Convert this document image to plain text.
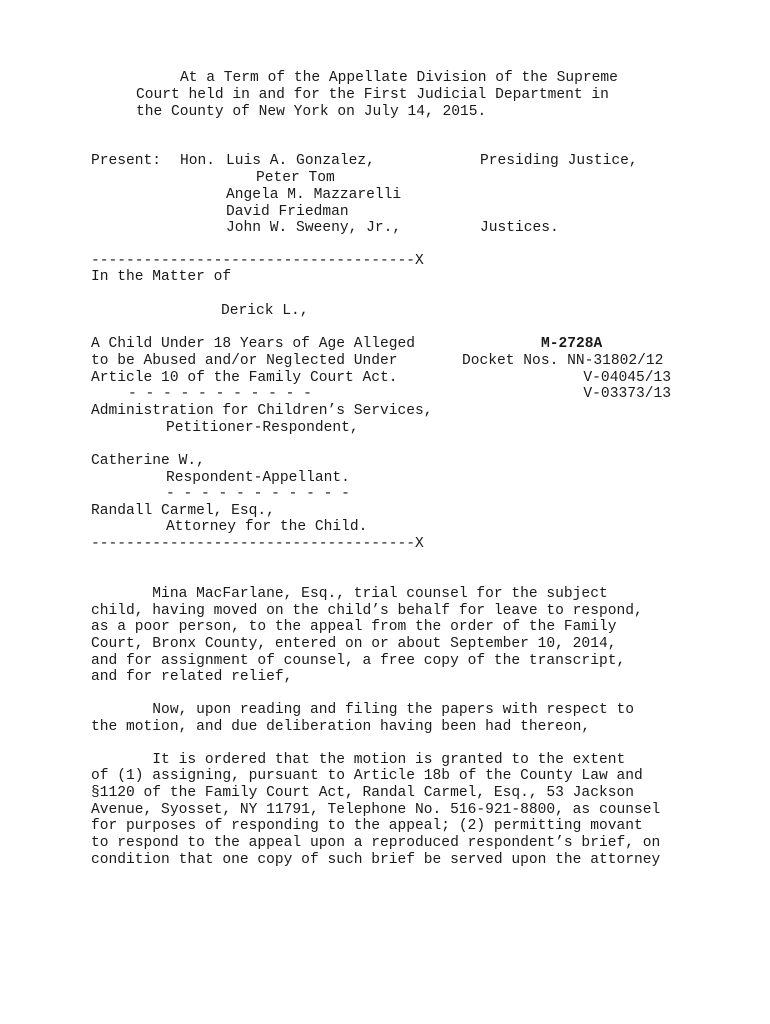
At a Term of the Appellate Division of the Supreme
Court held in and for the First Judicial Department in
the County of New York on July 14, 2015.
Present: Hon. Luis A. Gonzalez,	Presiding Justice,
Peter Tom
Angela M. Mazzarelli
David Friedman
John W. Sweeny, Jr.,	Justices.
-------------------------------------X
In the Matter of
Derick L.,
A Child Under 18 Years of Age Alleged
to be Abused and/or Neglected Under
Article 10 of the Family Court Act.
- - - - - - - - - - -
M-2728A
Docket Nos. NN-31802/12
V-04045/13
V-03373/13
Administration for Children’s Services,
Petitioner-Respondent,
Catherine W.,
Respondent-Appellant.
- - - - - - - - - - -
Randall Carmel, Esq.,
Attorney for the Child.
-------------------------------------X
Mina MacFarlane, Esq., trial counsel for the subject
child, having moved on the child’s behalf for leave to respond,
as a poor person, to the appeal from the order of the Family
Court, Bronx County, entered on or about September 10, 2014,
and for assignment of counsel, a free copy of the transcript,
and for related relief,
Now, upon reading and filing the papers with respect to
the motion, and due deliberation having been had thereon,
It is ordered that the motion is granted to the extent
of (1) assigning, pursuant to Article 18b of the County Law and
§1120 of the Family Court Act, Randal Carmel, Esq., 53 Jackson
Avenue, Syosset, NY 11791, Telephone No. 516-921-8800, as counsel
for purposes of responding to the appeal; (2) permitting movant
to respond to the appeal upon a reproduced respondent’s brief, on
condition that one copy of such brief be served upon the attorney
